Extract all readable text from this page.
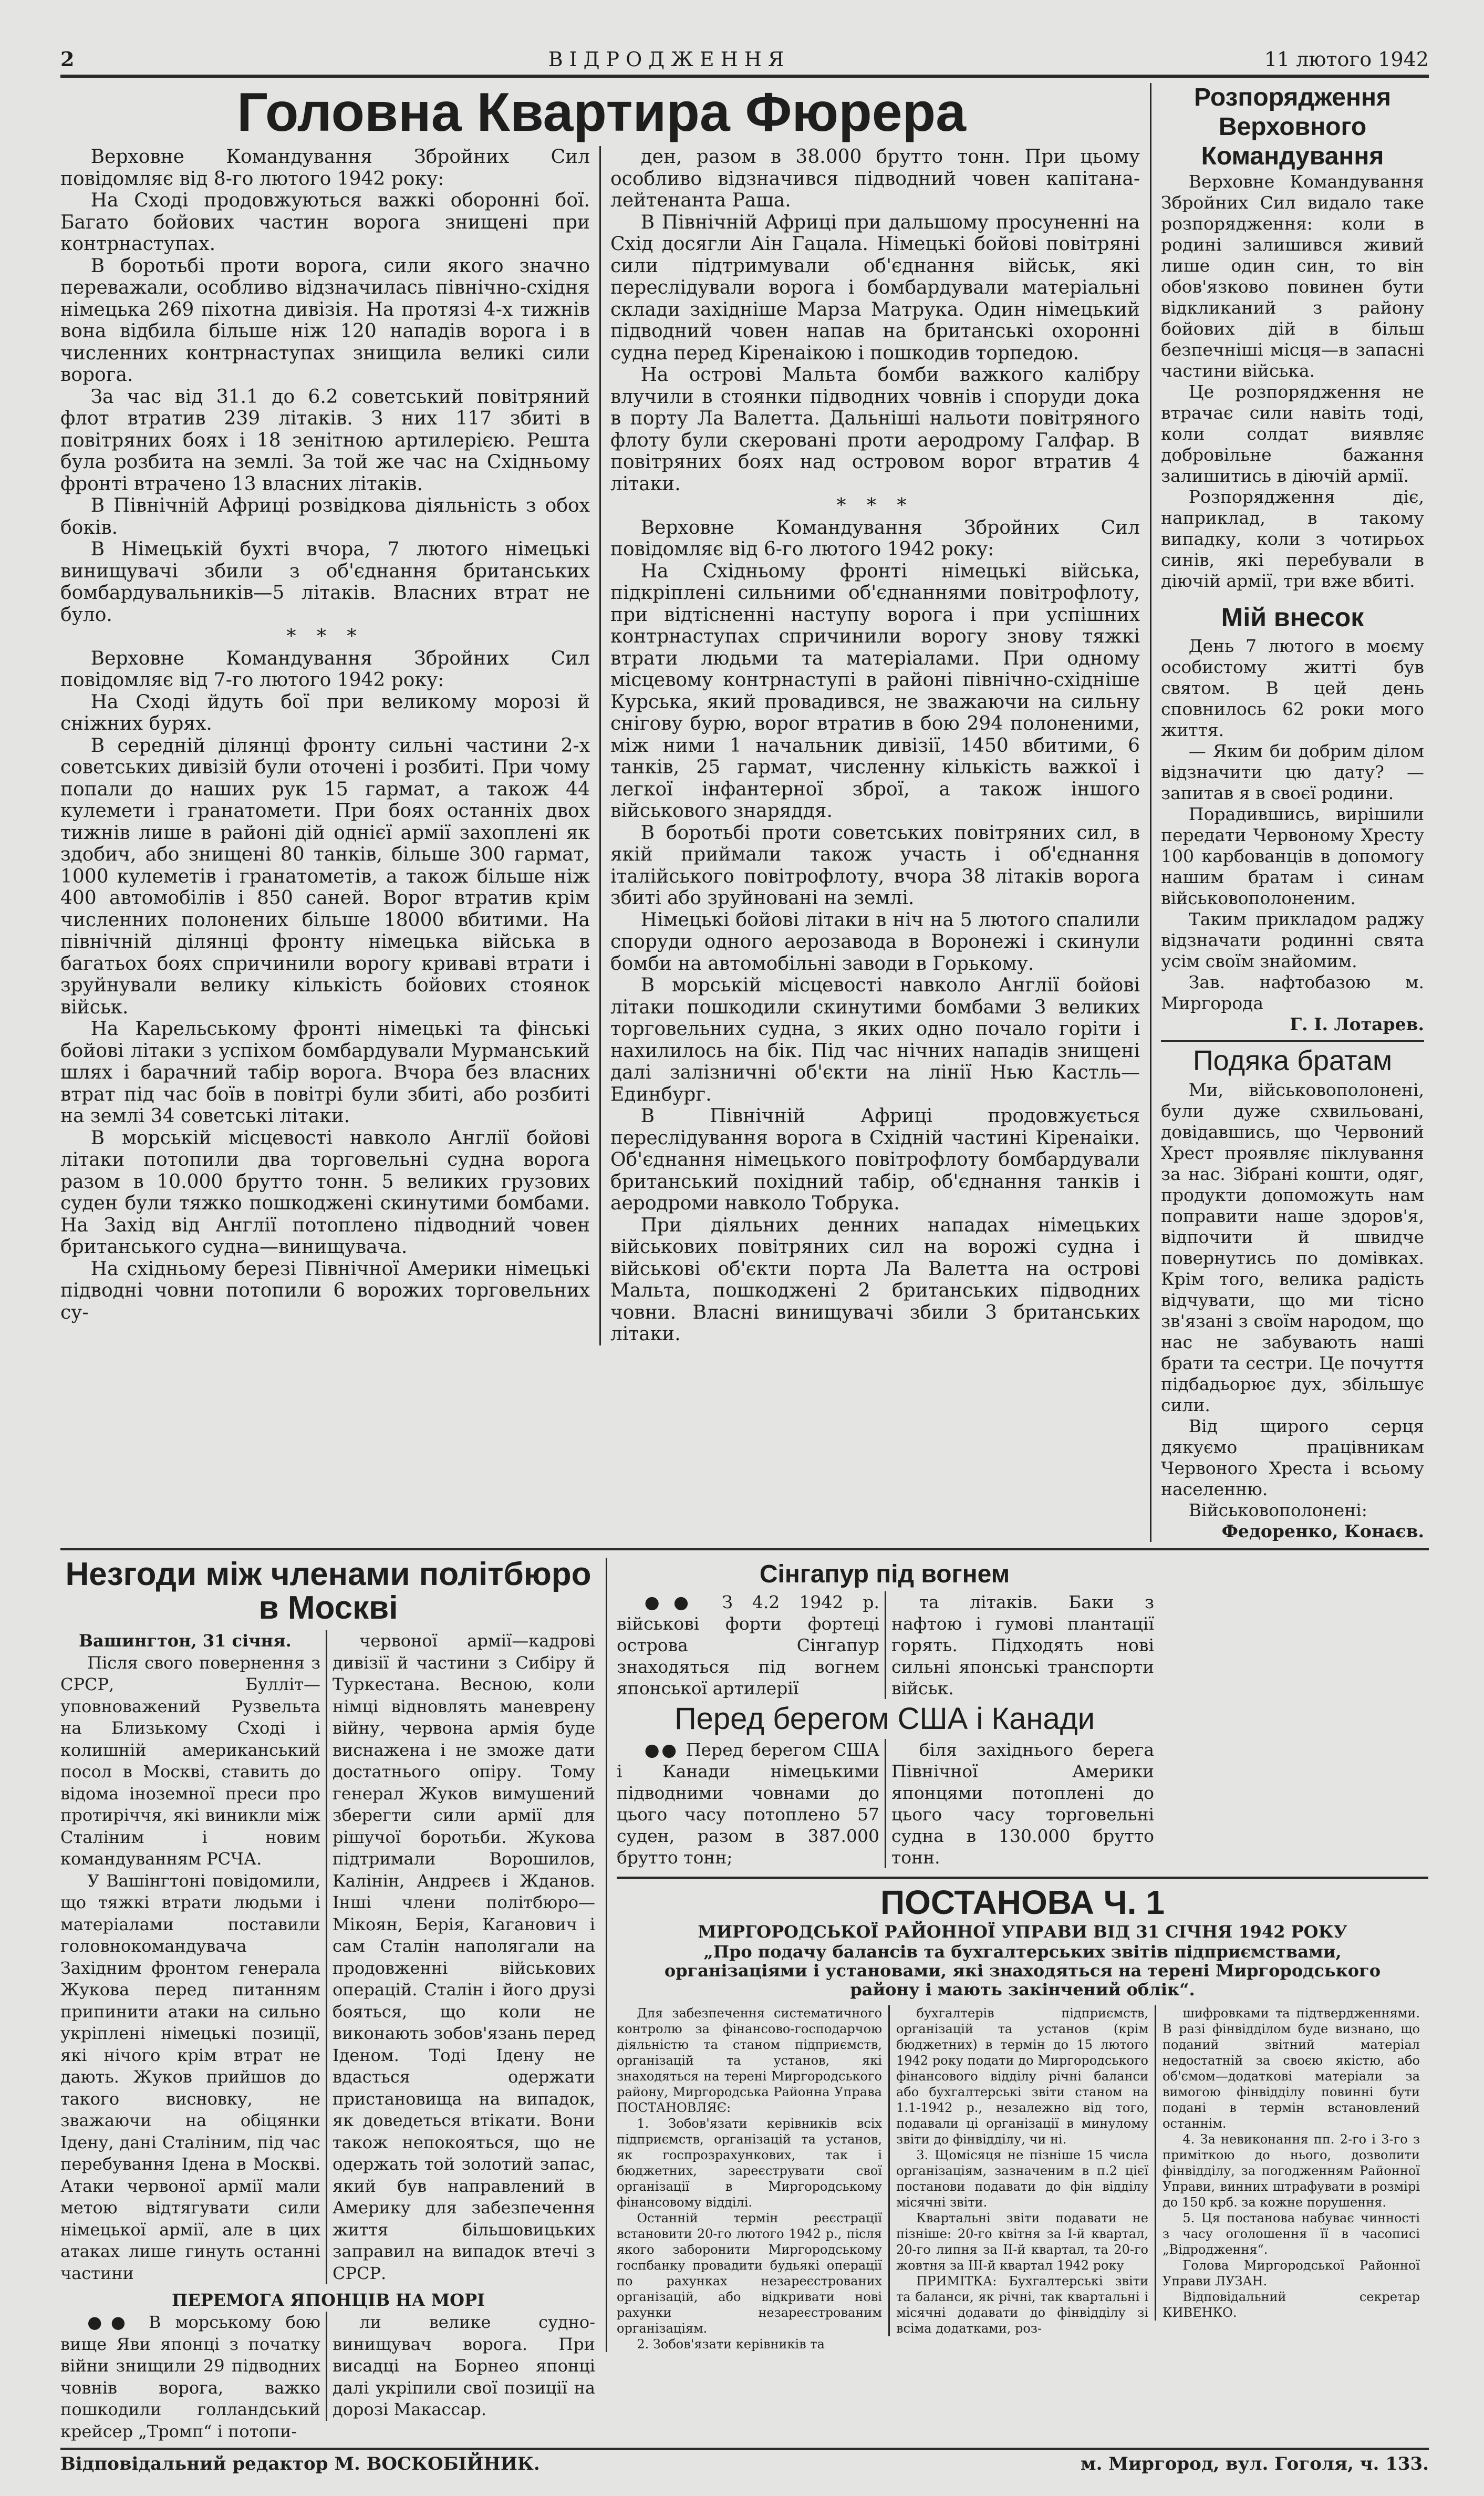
2	ВІДРОДЖЕННЯ	11 лютого 1942
Головна Квартира Фюрера

Верховне Командування Збройних Сил повідомляє від 8-го лютого 1942 року:

На Сході продовжуються важкі оборонні бої. Багато бойових частин ворога знищені при контрнаступах.

В боротьбі проти ворога, сили якого значно переважали, особливо відзначилась північно-східня німецька 269 піхотна дивізія. На протязі 4-х тижнів вона відбила більше ніж 120 нападів ворога і в численних контрнаступах знищила великі сили ворога.

За час від 31.1 до 6.2 советський повітряний флот втратив 239 літаків. З них 117 збиті в повітряних боях і 18 зенітною артилерією. Решта була розбита на землі. За той же час на Східньому фронті втрачено 13 власних літаків.

В Північній Африці розвідкова діяльність з обох боків.

В Німецькій бухті вчора, 7 лютого німецькі винищувачі збили з об'єднання британських бомбардувальників—5 літаків. Власних втрат не було.

* * *

Верховне Командування Збройних Сил повідомляє від 7-го лютого 1942 року:

На Сході йдуть бої при великому морозі й сніжних бурях.

В середній ділянці фронту сильні частини 2-х советських дивізій були оточені і розбиті. При чому попали до наших рук 15 гармат, а також 44 кулемети і гранатомети. При боях останніх двох тижнів лише в районі дій однієї армії захоплені як здобич, або знищені 80 танків, більше 300 гармат, 1000 кулеметів і гранатометів, а також більше ніж 400 автомобілів і 850 саней. Ворог втратив крім численних полонених більше 18000 вбитими. На північній ділянці фронту німецька війська в багатьох боях спричинили ворогу криваві втрати і зруйнували велику кількість бойових стоянок військ.

На Карельському фронті німецькі та фінські бойові літаки з успіхом бомбардували Мурманський шлях і барачний табір ворога. Вчора без власних втрат під час боїв в повітрі були збиті, або розбиті на землі 34 советські літаки.

В морській місцевості навколо Англії бойові літаки потопили два торговельні судна ворога разом в 10.000 брутто тонн. 5 великих грузових суден були тяжко пошкоджені скинутими бомбами. На Захід від Англії потоплено підводний човен британського судна—винищувача.

На східньому березі Північної Америки німецькі підводні човни потопили 6 ворожих торговельних су-

ден, разом в 38.000 брутто тонн. При цьому особливо відзначився підводний човен капітана-лейтенанта Раша.

В Північній Африці при дальшому просуненні на Схід досягли Аін Гацала. Німецькі бойові повітряні сили підтримували об'єднання військ, які переслідували ворога і бомбардували матеріальні склади західніше Марза Матрука. Один німецький підводний човен напав на британські охоронні судна перед Кіренаікою і пошкодив торпедою.

На острові Мальта бомби важкого калібру влучили в стоянки підводних човнів і споруди дока в порту Ла Валетта. Дальніші нальоти повітряного флоту були скеровані проти аеродрому Галфар. В повітряних боях над островом ворог втратив 4 літаки.

* * *

Верховне Командування Збройних Сил повідомляє від 6-го лютого 1942 року:

На Східньому фронті німецькі війська, підкріплені сильними об'єднаннями повітрофлоту, при відтісненні наступу ворога і при успішних контрнаступах спричинили ворогу знову тяжкі втрати людьми та матеріалами. При одному місцевому контрнаступі в районі північно-східніше Курська, який провадився, не зважаючи на сильну снігову бурю, ворог втратив в бою 294 полоненими, між ними 1 начальник дивізії, 1450 вбитими, 6 танків, 25 гармат, численну кількість важкої і легкої інфантерної зброї, а також іншого військового знаряддя.

В боротьбі проти советських повітряних сил, в якій приймали також участь і об'єднання італійського повітрофлоту, вчора 38 літаків ворога збиті або зруйновані на землі.

Німецькі бойові літаки в ніч на 5 лютого спалили споруди одного аерозавода в Воронежі і скинули бомби на автомобільні заводи в Горькому.

В морській місцевості навколо Англії бойові літаки пошкодили скинутими бомбами 3 великих торговельних судна, з яких одно почало горіти і нахилилось на бік. Під час нічних нападів знищені далі залізничні об'єкти на лінії Нью Кастль—Единбург.

В Північній Африці продовжується переслідування ворога в Східній частині Кіренаіки. Об'єднання німецького повітрофлоту бомбардували британський похідний табір, об'єднання танків і аеродроми навколо Тобрука.

При діяльних денних нападах німецьких військових повітряних сил на ворожі судна і військові об'єкти порта Ла Валетта на острові Мальта, пошкоджені 2 британських підводних човни. Власні винищувачі збили 3 британських літаки.

Розпорядження Верховного Командування

Верховне Командування Збройних Сил видало таке розпорядження: коли в родині залишився живий лише один син, то він обов'язково повинен бути відкликаний з району бойових дій в більш безпечніші місця—в запасні частини війська.

Це розпорядження не втрачає сили навіть тоді, коли солдат виявляє добровільне бажання залишитись в діючій армії.

Розпорядження діє, наприклад, в такому випадку, коли з чотирьох синів, які перебували в діючій армії, три вже вбиті.

Мій внесок

День 7 лютого в моєму особистому житті був святом. В цей день сповнилось 62 роки мого життя.

— Яким би добрим ділом відзначити цю дату? — запитав я в своєї родини.

Порадившись, вирішили передати Червоному Хресту 100 карбованців в допомогу нашим братам і синам військовополоненим.

Таким прикладом раджу відзначати родинні свята усім своїм знайомим.

Зав. нафтобазою м. Миргорода

Г. І. Лотарев.
Подяка братам

Ми, військовополонені, були дуже схвильовані, довідавшись, що Червоний Хрест проявляє піклування за нас. Зібрані кошти, одяг, продукти допоможуть нам поправити наше здоров'я, відпочити й швидче повернутись по домівках. Крім того, велика радість відчувати, що ми тісно зв'язані з своїм народом, що нас не забувають наші брати та сестри. Це почуття підбадьорює дух, збільшує сили.

Від щирого серця дякуємо працівникам Червоного Хреста і всьому населенню.

Військовополонені:

Федоренко, Конаєв.
Незгоди між членами політбюро в Москві
Вашингтон, 31 січня.

Після свого повернення з СРСР, Булліт—уповноважений Рузвельта на Близькому Сході і колишній американський посол в Москві, ставить до відома іноземної преси про протиріччя, які виникли між Сталіним і новим командуванням РСЧА.

У Вашінгтоні повідомили, що тяжкі втрати людьми і матеріалами поставили головнокомандувача Західним фронтом генерала Жукова перед питанням припинити атаки на сильно укріплені німецькі позиції, які нічого крім втрат не дають. Жуков прийшов до такого висновку, не зважаючи на обіцянки Ідену, дані Сталіним, під час перебування Ідена в Москві. Атаки червоної армії мали метою відтягувати сили німецької армії, але в цих атаках лише гинуть останні частини

червоної армії—кадрові дивізії й частини з Сибіру й Туркестана. Весною, коли німці відновлять маневрену війну, червона армія буде виснажена і не зможе дати достатнього опіру. Тому генерал Жуков вимушений зберегти сили армії для рішучої боротьби. Жукова підтримали Ворошилов, Калінін, Андреєв і Жданов. Інші члени політбюро—Мікоян, Берія, Каганович і сам Сталін наполягали на продовженні військових операцій. Сталін і його друзі бояться, що коли не виконають зобов'язань перед Іденом. Тоді Ідену не вдасться одержати пристановища на випадок, як доведеться втікати. Вони також непокояться, що не одержать той золотий запас, який був направлений в Америку для забезпечення життя більшовицьких заправил на випадок втечі з СРСР.

ПЕРЕМОГА ЯПОНЦІВ НА МОРІ

●● В морському бою вище Яви японці з початку війни знищили 29 підводних човнів ворога, важко пошкодили голландський крейсер „Тромп“ і потопи-

ли велике судно-винищувач ворога. При висадці на Борнео японці далі укріпили свої позиції на дорозі Макассар.

Сінгапур під вогнем

●● З 4.2 1942 р. військові форти фортеці острова Сінгапур знаходяться під вогнем японської артилерії

та літаків. Баки з нафтою і гумові плантації горять. Підходять нові сильні японські транспорти військ.

Перед берегом США і Канади

●● Перед берегом США і Канади німецькими підводними човнами до цього часу потоплено 57 суден, разом в 387.000 брутто тонн;

біля західнього берега Північної Америки японцями потоплені до цього часу торговельні судна в 130.000 брутто тонн.

ПОСТАНОВА Ч. 1
МИРГОРОДСЬКОЇ РАЙОННОЇ УПРАВИ ВІД 31 СІЧНЯ 1942 РОКУ
„Про подачу балансів та бухгалтерських звітів підприємствами, організаціями і установами, які знаходяться на терені Миргородського району і мають закінчений облік“.

Для забезпечення систематичного контролю за фінансово-господарчою діяльністю та станом підприємств, організацій та установ, які знаходяться на терені Миргородського району, Миргородська Районна Управа ПОСТАНОВЛЯЄ:

1. Зобов'язати керівників всіх підприємств, організацій та установ, як госпрозрахункових, так і бюджетних, зареєструвати свої організації в Миргородському фінансовому відділі.

Останній термін реєстрації встановити 20-го лютого 1942 р., після якого заборонити Миргородському госпбанку провадити будьякі операції по рахунках незареєстрованих організацій, або відкривати нові рахунки незареєстрованим організаціям.

2. Зобов'язати керівників та

бухгалтерів підприємств, організацій та установ (крім бюджетних) в термін до 15 лютого 1942 року подати до Миргородського фінансового відділу річні баланси або бухгалтерські звіти станом на 1.1-1942 р., незалежно від того, подавали ці організації в минулому звіти до фінвідділу, чи ні.

3. Щомісяця не пізніше 15 числа організаціям, зазначеним в п.2 цієї постанови подавати до фін відділу місячні звіти.

Квартальні звіти подавати не пізніше: 20-го квітня за І-й квартал, 20-го липня за ІІ-й квартал, та 20-го жовтня за ІІІ-й квартал 1942 року

ПРИМІТКА: Бухгалтерські звіти та баланси, як річні, так квартальні і місячні додавати до фінвідділу зі всіма додатками, роз-

шифровками та підтвердженнями. В разі фінвідділом буде визнано, що поданий звітний матеріал недостатній за своєю якістю, або об'ємом—додаткові матеріали за вимогою фінвідділу повинні бути подані в термін встановлений останнім.

4. За невиконання пп. 2-го і 3-го з приміткою до нього, дозволити фінвідділу, за погодженням Районної Управи, винних штрафувати в розмірі до 150 крб. за кожне порушення.

5. Ця постанова набуває чинності з часу оголошення її в часописі „Відродження“.

Голова Миргородської Районної Управи ЛУЗАН.

Відповідальний секретар КИВЕНКО.

Відповідальний редактор М. ВОСКОБІЙНИК.	м. Миргород, вул. Гоголя, ч. 133.
